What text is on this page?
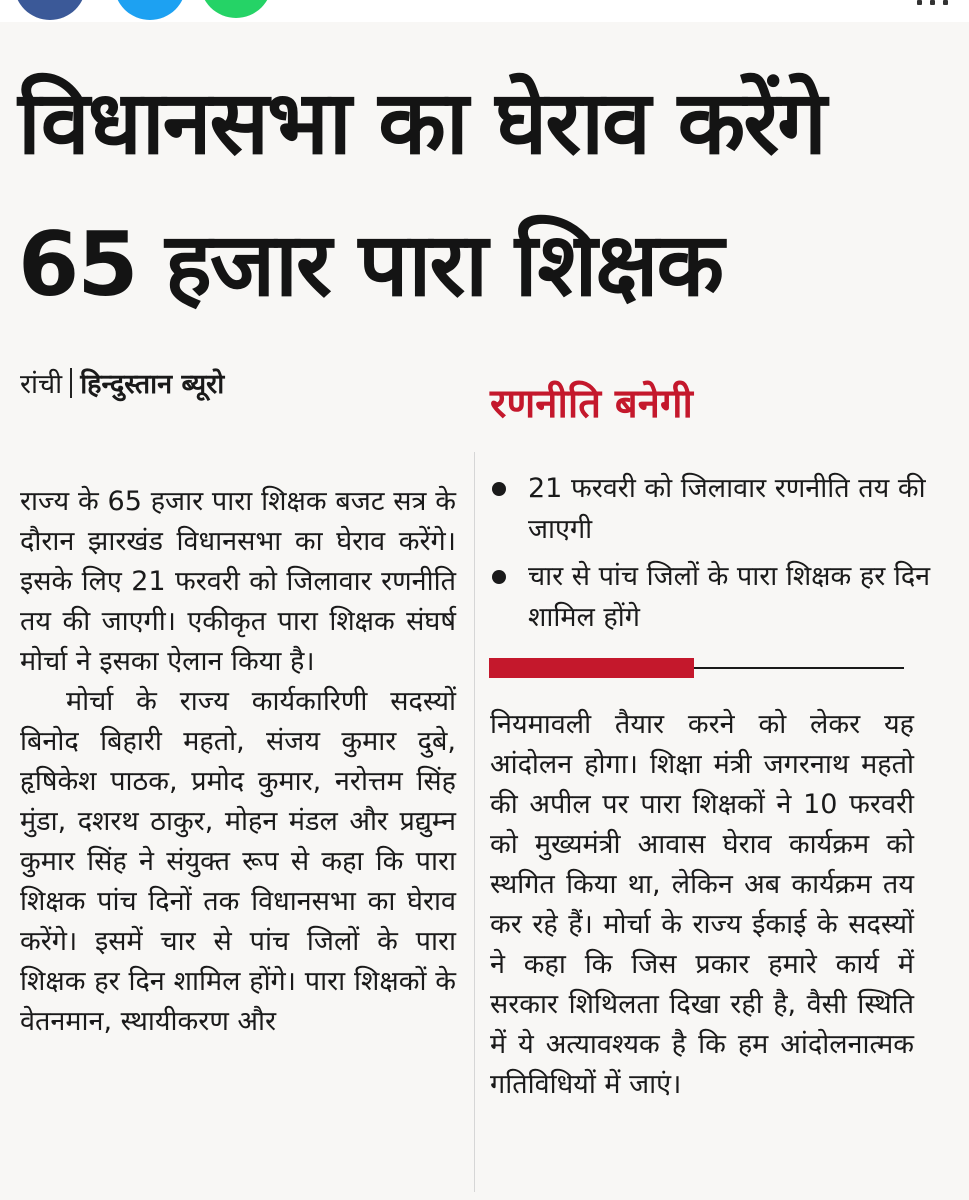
विधानसभा का घेराव करेंगे 65 हजार पारा शिक्षक
रांची हिन्दुस्तान ब्यूरो	रणनीति बनेगी
21 फरवरी को जिलावार रणनीति तय की जाएगी
चार से पांच जिलों के पारा शिक्षक हर दिन शामिल होंगे

राज्य के 65 हजार पारा शिक्षक बजट सत्र के दौरान झारखंड विधानसभा का घेराव करेंगे। इसके लिए 21 फरवरी को जिलावार रणनीति तय की जाएगी। एकीकृत पारा शिक्षक संघर्ष मोर्चा ने इसका ऐलान किया है।

मोर्चा के राज्य कार्यकारिणी सदस्यों बिनोद बिहारी महतो, संजय कुमार दुबे, हृषिकेश पाठक, प्रमोद कुमार, नरोत्तम सिंह मुंडा, दशरथ ठाकुर, मोहन मंडल और प्रद्युम्न कुमार सिंह ने संयुक्त रूप से कहा कि पारा शिक्षक पांच दिनों तक विधानसभा का घेराव करेंगे। इसमें चार से पांच जिलों के पारा शिक्षक हर दिन शामिल होंगे। पारा शिक्षकों के वेतनमान, स्थायीकरण और

नियमावली तैयार करने को लेकर यह आंदोलन होगा। शिक्षा मंत्री जगरनाथ महतो की अपील पर पारा शिक्षकों ने 10 फरवरी को मुख्यमंत्री आवास घेराव कार्यक्रम को स्थगित किया था, लेकिन अब कार्यक्रम तय कर रहे हैं। मोर्चा के राज्य ईकाई के सदस्यों ने कहा कि जिस प्रकार हमारे कार्य में सरकार शिथिलता दिखा रही है, वैसी स्थिति में ये अत्यावश्यक है कि हम आंदोलनात्मक गतिविधियों में जाएं।
